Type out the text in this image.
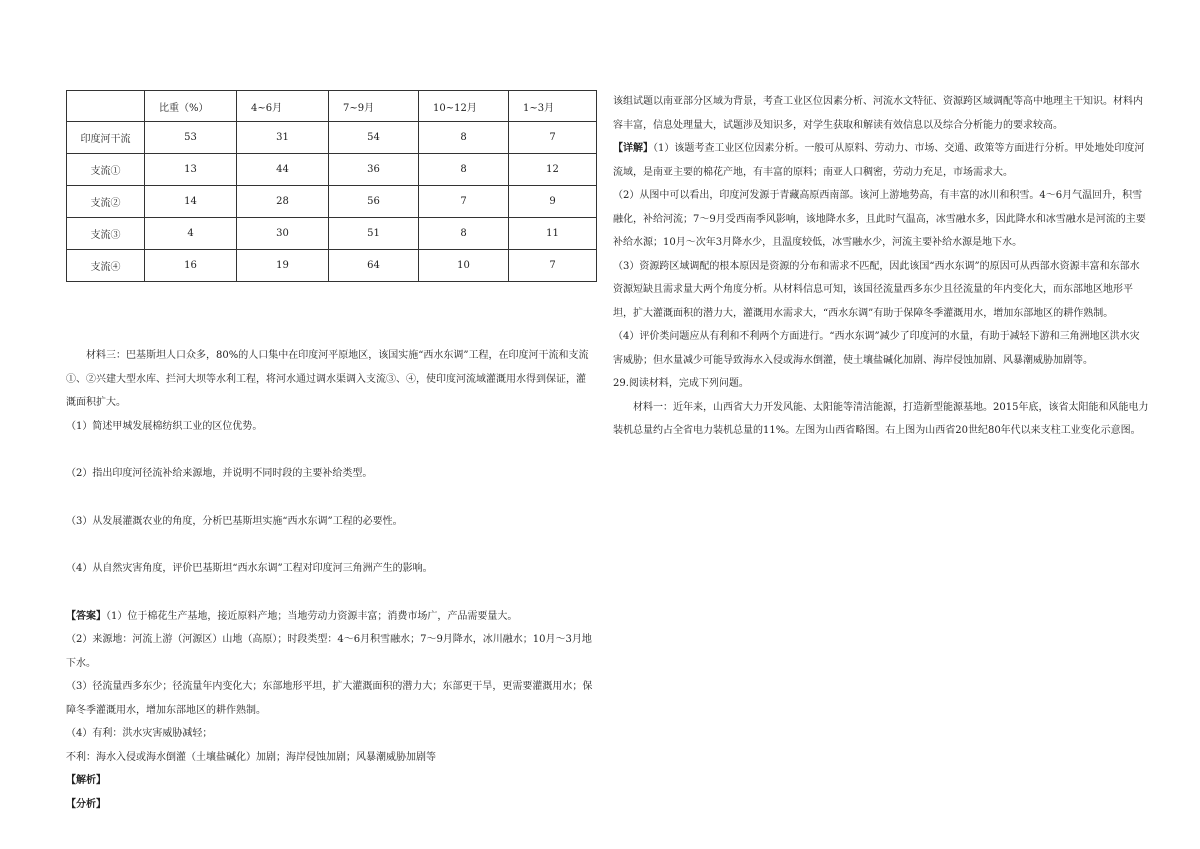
	比重（%）	4~6月	7~9月	10~12月	1~3月
印度河干流	53	31	54	8	7
支流①	13	44	36	8	12
支流②	14	28	56	7	9
支流③	4	30	51	8	11
支流④	16	19	64	10	7

材料三：巴基斯坦人口众多，80%的人口集中在印度河平原地区，该国实施“西水东调”工程，在印度河干流和支流①、②兴建大型水库、拦河大坝等水利工程，将河水通过调水渠调入支流③、④，使印度河流域灌溉用水得到保证，灌溉面积扩大。

（1）简述甲城发展棉纺织工业的区位优势。

（2）指出印度河径流补给来源地，并说明不同时段的主要补给类型。

（3）从发展灌溉农业的角度，分析巴基斯坦实施“西水东调”工程的必要性。

（4）从自然灾害角度，评价巴基斯坦“西水东调”工程对印度河三角洲产生的影响。

【答案】（1）位于棉花生产基地，接近原料产地；当地劳动力资源丰富；消费市场广，产品需要量大。

（2）来源地：河流上游（河源区）山地（高原）；时段类型：4～6月积雪融水；7～9月降水，冰川融水；10月～3月地下水。

（3）径流量西多东少；径流量年内变化大；东部地形平坦，扩大灌溉面积的潜力大；东部更干旱，更需要灌溉用水；保障冬季灌溉用水，增加东部地区的耕作熟制。

（4）有利：洪水灾害威胁减轻；

不利：海水入侵或海水倒灌（土壤盐碱化）加剧；海岸侵蚀加剧；风暴潮威胁加剧等

【解析】

【分析】

该组试题以南亚部分区域为背景，考查工业区位因素分析、河流水文特征、资源跨区域调配等高中地理主干知识。材料内容丰富，信息处理量大，试题涉及知识多，对学生获取和解读有效信息以及综合分析能力的要求较高。

【详解】（1）该题考查工业区位因素分析。一般可从原料、劳动力、市场、交通、政策等方面进行分析。甲处地处印度河流域，是南亚主要的棉花产地，有丰富的原料；南亚人口稠密，劳动力充足，市场需求大。

（2）从图中可以看出，印度河发源于青藏高原西南部。该河上游地势高，有丰富的冰川和积雪。4～6月气温回升，积雪融化，补给河流；7～9月受西南季风影响，该地降水多，且此时气温高，冰雪融水多，因此降水和冰雪融水是河流的主要补给水源；10月～次年3月降水少，且温度较低，冰雪融水少，河流主要补给水源是地下水。

（3）资源跨区域调配的根本原因是资源的分布和需求不匹配，因此该国“西水东调”的原因可从西部水资源丰富和东部水资源短缺且需求量大两个角度分析。从材料信息可知，该国径流量西多东少且径流量的年内变化大，而东部地区地形平坦，扩大灌溉面积的潜力大，灌溉用水需求大，“西水东调”有助于保障冬季灌溉用水，增加东部地区的耕作熟制。

（4）评价类问题应从有利和不利两个方面进行。“西水东调”减少了印度河的水量，有助于减轻下游和三角洲地区洪水灾害威胁；但水量减少可能导致海水入侵或海水倒灌，使土壤盐碱化加剧、海岸侵蚀加剧、风暴潮威胁加剧等。

29.阅读材料，完成下列问题。

材料一：近年来，山西省大力开发风能、太阳能等清洁能源，打造新型能源基地。2015年底，该省太阳能和风能电力装机总量约占全省电力装机总量的11%。左图为山西省略图。右上图为山西省20世纪80年代以来支柱工业变化示意图。
